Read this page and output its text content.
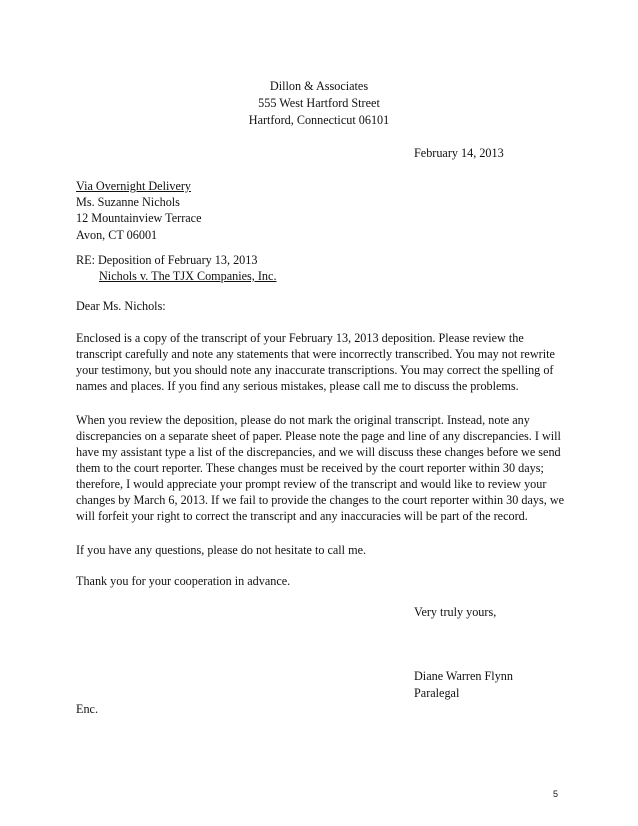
Dillon & Associates
555 West Hartford Street
Hartford, Connecticut 06101
February 14, 2013
Via Overnight Delivery
Ms. Suzanne Nichols
12 Mountainview Terrace
Avon, CT 06001
RE: Deposition of February 13, 2013
Nichols v. The TJX Companies, Inc.
Dear Ms. Nichols:
Enclosed is a copy of the transcript of your February 13, 2013 deposition. Please review the
transcript carefully and note any statements that were incorrectly transcribed. You may not rewrite
your testimony, but you should note any inaccurate transcriptions. You may correct the spelling of
names and places. If you find any serious mistakes, please call me to discuss the problems.
When you review the deposition, please do not mark the original transcript. Instead, note any
discrepancies on a separate sheet of paper. Please note the page and line of any discrepancies. I will
have my assistant type a list of the discrepancies, and we will discuss these changes before we send
them to the court reporter. These changes must be received by the court reporter within 30 days;
therefore, I would appreciate your prompt review of the transcript and would like to review your
changes by March 6, 2013. If we fail to provide the changes to the court reporter within 30 days, we
will forfeit your right to correct the transcript and any inaccuracies will be part of the record.
If you have any questions, please do not hesitate to call me.
Thank you for your cooperation in advance.
Very truly yours,
Diane Warren Flynn
Paralegal
Enc.
5
